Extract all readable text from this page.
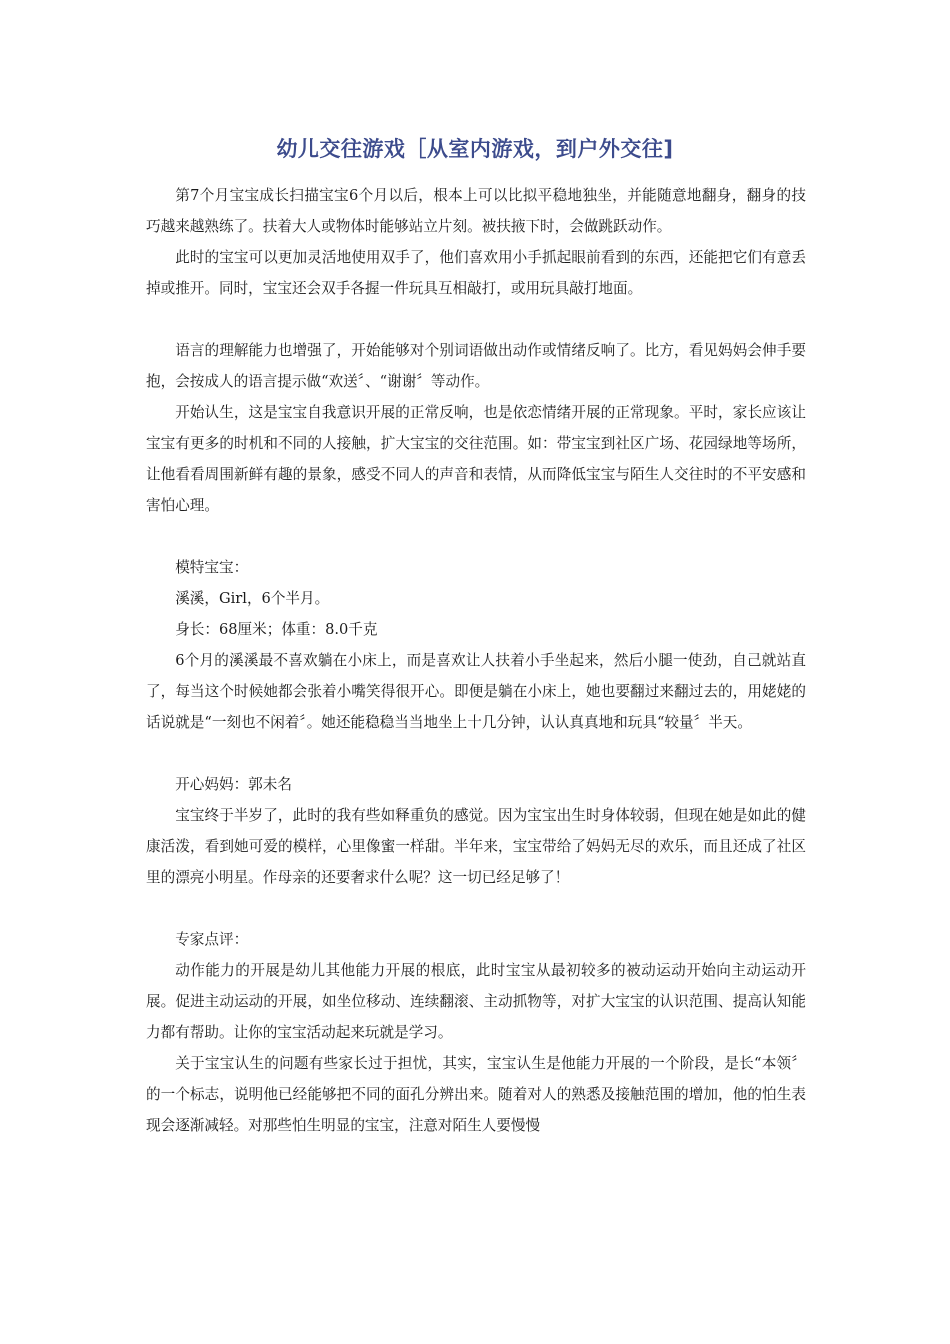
幼儿交往游戏［从室内游戏，到户外交往]

第7个月宝宝成长扫描宝宝6个月以后，根本上可以比拟平稳地独坐，并能随意地翻身，翻身的技巧越来越熟练了。扶着大人或物体时能够站立片刻。被扶掖下时，会做跳跃动作。

此时的宝宝可以更加灵活地使用双手了，他们喜欢用小手抓起眼前看到的东西，还能把它们有意丢掉或推开。同时，宝宝还会双手各握一件玩具互相敲打，或用玩具敲打地面。

语言的理解能力也增强了，开始能够对个别词语做出动作或情绪反响了。比方，看见妈妈会伸手要抱，会按成人的语言提示做“欢送〞、“谢谢〞等动作。

开始认生，这是宝宝自我意识开展的正常反响，也是依恋情绪开展的正常现象。平时，家长应该让宝宝有更多的时机和不同的人接触，扩大宝宝的交往范围。如：带宝宝到社区广场、花园绿地等场所，让他看看周围新鲜有趣的景象，感受不同人的声音和表情，从而降低宝宝与陌生人交往时的不平安感和害怕心理。

模特宝宝：

溪溪，Girl，6个半月。

身长：68厘米；体重：8.0千克

6个月的溪溪最不喜欢躺在小床上，而是喜欢让人扶着小手坐起来，然后小腿一使劲，自己就站直了，每当这个时候她都会张着小嘴笑得很开心。即便是躺在小床上，她也要翻过来翻过去的，用姥姥的话说就是“一刻也不闲着〞。她还能稳稳当当地坐上十几分钟，认认真真地和玩具“较量〞半天。

开心妈妈：郭未名

宝宝终于半岁了，此时的我有些如释重负的感觉。因为宝宝出生时身体较弱，但现在她是如此的健康活泼，看到她可爱的模样，心里像蜜一样甜。半年来，宝宝带给了妈妈无尽的欢乐，而且还成了社区里的漂亮小明星。作母亲的还要奢求什么呢？这一切已经足够了！

专家点评：

动作能力的开展是幼儿其他能力开展的根底，此时宝宝从最初较多的被动运动开始向主动运动开展。促进主动运动的开展，如坐位移动、连续翻滚、主动抓物等，对扩大宝宝的认识范围、提高认知能力都有帮助。让你的宝宝活动起来玩就是学习。

关于宝宝认生的问题有些家长过于担忧，其实，宝宝认生是他能力开展的一个阶段，是长“本领〞的一个标志，说明他已经能够把不同的面孔分辨出来。随着对人的熟悉及接触范围的增加，他的怕生表现会逐渐减轻。对那些怕生明显的宝宝，注意对陌生人要慢慢
